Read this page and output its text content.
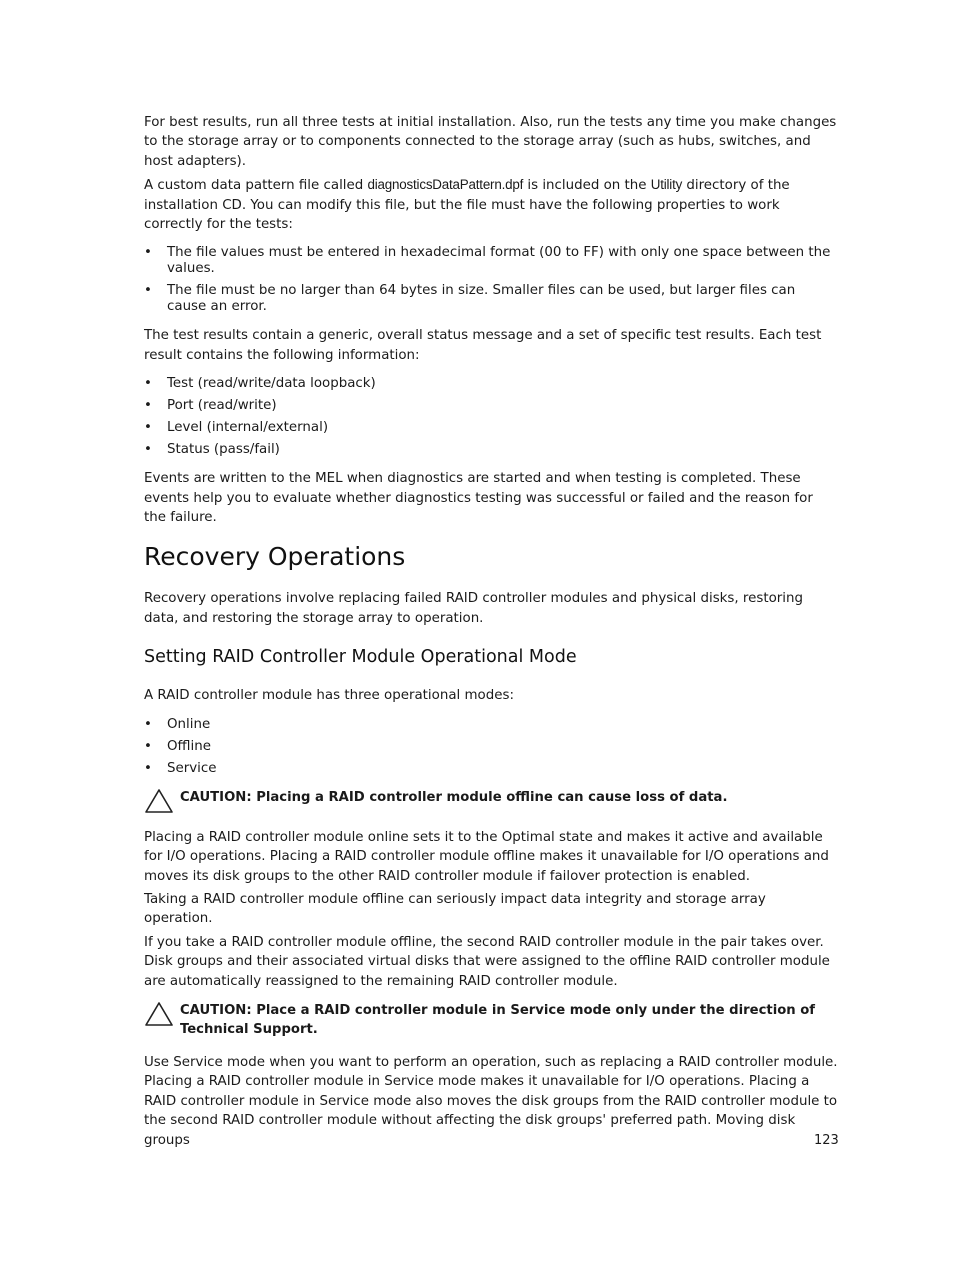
For best results, run all three tests at initial installation. Also, run the tests any time you make changes to the storage array or to components connected to the storage array (such as hubs, switches, and host adapters).

A custom data pattern file called diagnosticsDataPattern.dpf is included on the Utility directory of the installation CD. You can modify this file, but the file must have the following properties to work correctly for the tests:

• The file values must be entered in hexadecimal format (00 to FF) with only one space between the values.
• The file must be no larger than 64 bytes in size. Smaller files can be used, but larger files can cause an error.

The test results contain a generic, overall status message and a set of specific test results. Each test result contains the following information:

• Test (read/write/data loopback)
• Port (read/write)
• Level (internal/external)
• Status (pass/fail)

Events are written to the MEL when diagnostics are started and when testing is completed. These events help you to evaluate whether diagnostics testing was successful or failed and the reason for the failure.

Recovery Operations

Recovery operations involve replacing failed RAID controller modules and physical disks, restoring data, and restoring the storage array to operation.

Setting RAID Controller Module Operational Mode

A RAID controller module has three operational modes:

• Online
• Offline
• Service

CAUTION: Placing a RAID controller module offline can cause loss of data.

Placing a RAID controller module online sets it to the Optimal state and makes it active and available for I/O operations. Placing a RAID controller module offline makes it unavailable for I/O operations and moves its disk groups to the other RAID controller module if failover protection is enabled.

Taking a RAID controller module offline can seriously impact data integrity and storage array operation.

If you take a RAID controller module offline, the second RAID controller module in the pair takes over. Disk groups and their associated virtual disks that were assigned to the offline RAID controller module are automatically reassigned to the remaining RAID controller module.

CAUTION: Place a RAID controller module in Service mode only under the direction of Technical Support.

Use Service mode when you want to perform an operation, such as replacing a RAID controller module. Placing a RAID controller module in Service mode makes it unavailable for I/O operations. Placing a RAID controller module in Service mode also moves the disk groups from the RAID controller module to the second RAID controller module without affecting the disk groups' preferred path. Moving disk groups	123
